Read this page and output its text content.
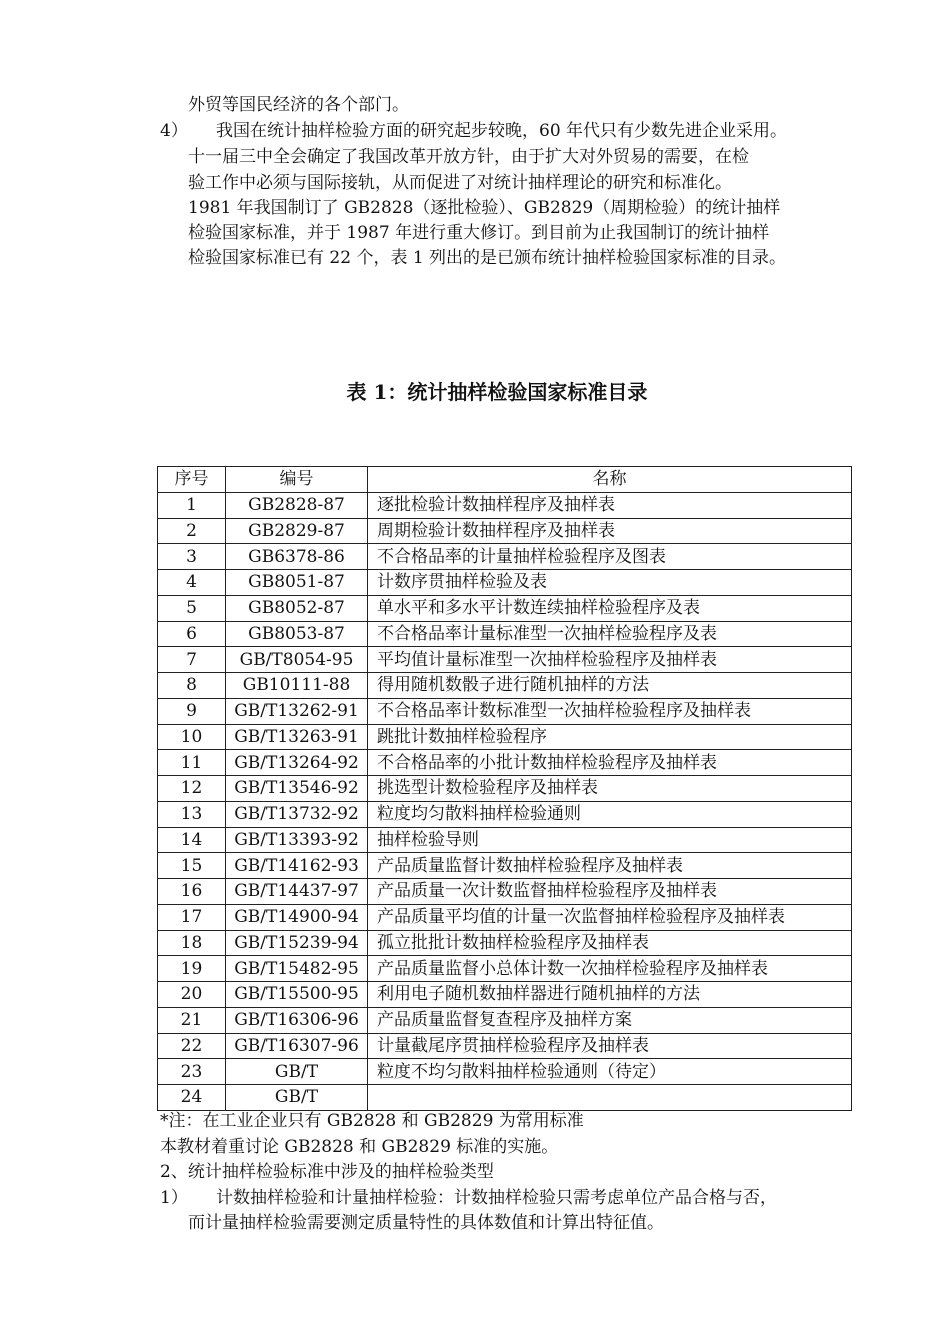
外贸等国民经济的各个部门。
4） 我国在统计抽样检验方面的研究起步较晚，60 年代只有少数先进企业采用。
十一届三中全会确定了我国改革开放方针，由于扩大对外贸易的需要，在检
验工作中必须与国际接轨，从而促进了对统计抽样理论的研究和标准化。
1981 年我国制订了 GB2828（逐批检验）、GB2829（周期检验）的统计抽样
检验国家标准，并于 1987 年进行重大修订。到目前为止我国制订的统计抽样
检验国家标准已有 22 个，表 1 列出的是已颁布统计抽样检验国家标准的目录。
表 1：统计抽样检验国家标准目录
序号	编号	名称
1	GB2828-87	逐批检验计数抽样程序及抽样表
2	GB2829-87	周期检验计数抽样程序及抽样表
3	GB6378-86	不合格品率的计量抽样检验程序及图表
4	GB8051-87	计数序贯抽样检验及表
5	GB8052-87	单水平和多水平计数连续抽样检验程序及表
6	GB8053-87	不合格品率计量标准型一次抽样检验程序及表
7	GB/T8054-95	平均值计量标准型一次抽样检验程序及抽样表
8	GB10111-88	得用随机数骰子进行随机抽样的方法
9	GB/T13262-91	不合格品率计数标准型一次抽样检验程序及抽样表
10	GB/T13263-91	跳批计数抽样检验程序
11	GB/T13264-92	不合格品率的小批计数抽样检验程序及抽样表
12	GB/T13546-92	挑选型计数检验程序及抽样表
13	GB/T13732-92	粒度均匀散料抽样检验通则
14	GB/T13393-92	抽样检验导则
15	GB/T14162-93	产品质量监督计数抽样检验程序及抽样表
16	GB/T14437-97	产品质量一次计数监督抽样检验程序及抽样表
17	GB/T14900-94	产品质量平均值的计量一次监督抽样检验程序及抽样表
18	GB/T15239-94	孤立批批计数抽样检验程序及抽样表
19	GB/T15482-95	产品质量监督小总体计数一次抽样检验程序及抽样表
20	GB/T15500-95	利用电子随机数抽样器进行随机抽样的方法
21	GB/T16306-96	产品质量监督复查程序及抽样方案
22	GB/T16307-96	计量截尾序贯抽样检验程序及抽样表
23	GB/T	粒度不均匀散料抽样检验通则（待定）
24	GB/T	
*注：在工业企业只有 GB2828 和 GB2829 为常用标准
本教材着重讨论 GB2828 和 GB2829 标准的实施。
2、统计抽样检验标准中涉及的抽样检验类型
1） 计数抽样检验和计量抽样检验：计数抽样检验只需考虑单位产品合格与否，
而计量抽样检验需要测定质量特性的具体数值和计算出特征值。
